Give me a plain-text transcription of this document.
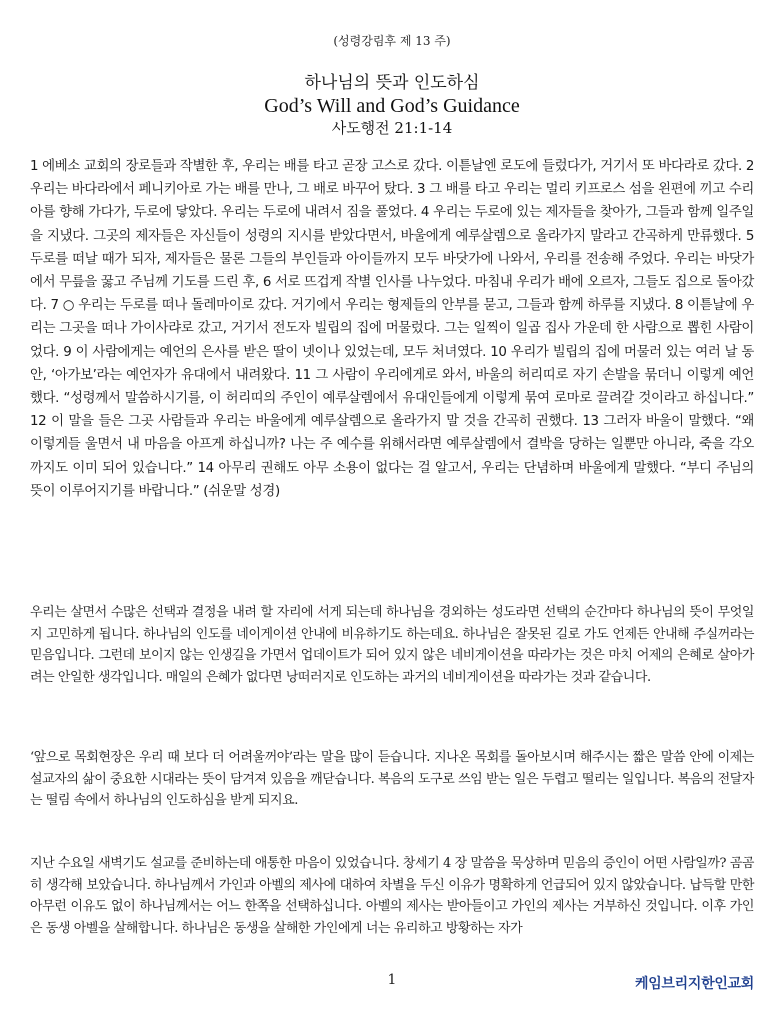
(성령강림후 제 13 주)
하나님의 뜻과 인도하심
God’s Will and God’s Guidance
사도행전 21:1-14
1 에베소 교회의 장로들과 작별한 후, 우리는 배를 타고 곧장 고스로 갔다. 이튿날엔 로도에 들렀다가, 거기서 또 바다라로 갔다. 2 우리는 바다라에서 페니키아로 가는 배를 만나, 그 배로 바꾸어 탔다. 3 그 배를 타고 우리는 멀리 키프로스 섬을 왼편에 끼고 수리아를 향해 가다가, 두로에 닿았다. 우리는 두로에 내려서 짐을 풀었다. 4 우리는 두로에 있는 제자들을 찾아가, 그들과 함께 일주일을 지냈다. 그곳의 제자들은 자신들이 성령의 지시를 받았다면서, 바울에게 예루살렘으로 올라가지 말라고 간곡하게 만류했다. 5 두로를 떠날 때가 되자, 제자들은 물론 그들의 부인들과 아이들까지 모두 바닷가에 나와서, 우리를 전송해 주었다. 우리는 바닷가에서 무릎을 꿇고 주님께 기도를 드린 후, 6 서로 뜨겁게 작별 인사를 나누었다. 마침내 우리가 배에 오르자, 그들도 집으로 돌아갔다. 7 ○ 우리는 두로를 떠나 돌레마이로 갔다. 거기에서 우리는 형제들의 안부를 묻고, 그들과 함께 하루를 지냈다. 8 이튿날에 우리는 그곳을 떠나 가이사랴로 갔고, 거기서 전도자 빌립의 집에 머물렀다. 그는 일찍이 일곱 집사 가운데 한 사람으로 뽑힌 사람이었다. 9 이 사람에게는 예언의 은사를 받은 딸이 넷이나 있었는데, 모두 처녀였다. 10 우리가 빌립의 집에 머물러 있는 여러 날 동안, ‘아가보’라는 예언자가 유대에서 내려왔다. 11 그 사람이 우리에게로 와서, 바울의 허리띠로 자기 손발을 묶더니 이렇게 예언했다. “성령께서 말씀하시기를, 이 허리띠의 주인이 예루살렘에서 유대인들에게 이렇게 묶여 로마로 끌려갈 것이라고 하십니다.” 12 이 말을 들은 그곳 사람들과 우리는 바울에게 예루살렘으로 올라가지 말 것을 간곡히 권했다. 13 그러자 바울이 말했다. “왜 이렇게들 울면서 내 마음을 아프게 하십니까? 나는 주 예수를 위해서라면 예루살렘에서 결박을 당하는 일뿐만 아니라, 죽을 각오까지도 이미 되어 있습니다.” 14 아무리 권해도 아무 소용이 없다는 걸 알고서, 우리는 단념하며 바울에게 말했다. “부디 주님의 뜻이 이루어지기를 바랍니다.” (쉬운말 성경)
우리는 살면서 수많은 선택과 결정을 내려 할 자리에 서게 되는데 하나님을 경외하는 성도라면 선택의 순간마다 하나님의 뜻이 무엇일지 고민하게 됩니다. 하나님의 인도를 네이게이션 안내에 비유하기도 하는데요. 하나님은 잘못된 길로 가도 언제든 안내해 주실꺼라는 믿음입니다. 그런데 보이지 않는 인생길을 가면서 업데이트가 되어 있지 않은 네비게이션을 따라가는 것은 마치 어제의 은혜로 살아가려는 안일한 생각입니다. 매일의 은혜가 없다면 낭떠러지로 인도하는 과거의 네비게이션을 따라가는 것과 같습니다.
‘앞으로 목회현장은 우리 때 보다 더 어려울꺼야’라는 말을 많이 듣습니다. 지나온 목회를 돌아보시며 해주시는 짧은 말씀 안에 이제는 설교자의 삶이 중요한 시대라는 뜻이 담겨져 있음을 깨닫습니다. 복음의 도구로 쓰임 받는 일은 두렵고 떨리는 일입니다. 복음의 전달자는 떨림 속에서 하나님의 인도하심을 받게 되지요.
지난 수요일 새벽기도 설교를 준비하는데 애통한 마음이 있었습니다. 창세기 4 장 말씀을 묵상하며 믿음의 증인이 어떤 사람일까? 곰곰히 생각해 보았습니다. 하나님께서 가인과 아벨의 제사에 대하여 차별을 두신 이유가 명확하게 언급되어 있지 않았습니다. 납득할 만한 아무런 이유도 없이 하나님께서는 어느 한쪽을 선택하십니다. 아벨의 제사는 받아들이고 가인의 제사는 거부하신 것입니다. 이후 가인은 동생 아벨을 살해합니다. 하나님은 동생을 살해한 가인에게 너는 유리하고 방황하는 자가
1	케임브리지한인교회
